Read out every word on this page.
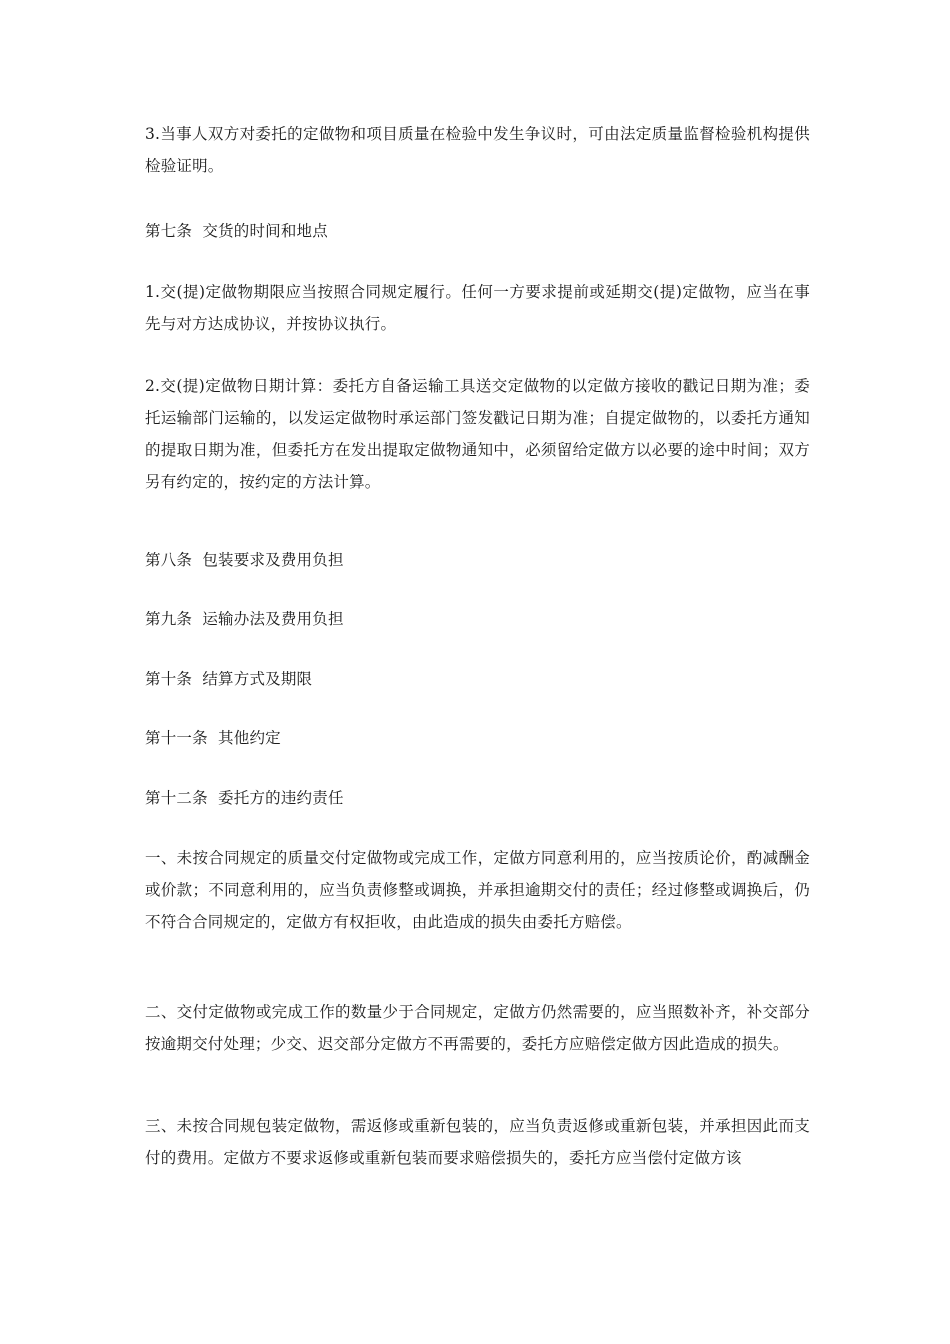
3.当事人双方对委托的定做物和项目质量在检验中发生争议时，可由法定质量监督检验机构提供检验证明。

第七条  交货的时间和地点

1.交(提)定做物期限应当按照合同规定履行。任何一方要求提前或延期交(提)定做物，应当在事先与对方达成协议，并按协议执行。

2.交(提)定做物日期计算：委托方自备运输工具送交定做物的以定做方接收的戳记日期为准；委托运输部门运输的，以发运定做物时承运部门签发戳记日期为准；自提定做物的，以委托方通知的提取日期为准，但委托方在发出提取定做物通知中，必须留给定做方以必要的途中时间；双方另有约定的，按约定的方法计算。

第八条  包装要求及费用负担

第九条  运输办法及费用负担

第十条  结算方式及期限

第十一条  其他约定

第十二条  委托方的违约责任

一、未按合同规定的质量交付定做物或完成工作，定做方同意利用的，应当按质论价，酌减酬金或价款；不同意利用的，应当负责修整或调换，并承担逾期交付的责任；经过修整或调换后，仍不符合合同规定的，定做方有权拒收，由此造成的损失由委托方赔偿。

二、交付定做物或完成工作的数量少于合同规定，定做方仍然需要的，应当照数补齐，补交部分按逾期交付处理；少交、迟交部分定做方不再需要的，委托方应赔偿定做方因此造成的损失。

三、未按合同规包装定做物，需返修或重新包装的，应当负责返修或重新包装，并承担因此而支付的费用。定做方不要求返修或重新包装而要求赔偿损失的，委托方应当偿付定做方该
